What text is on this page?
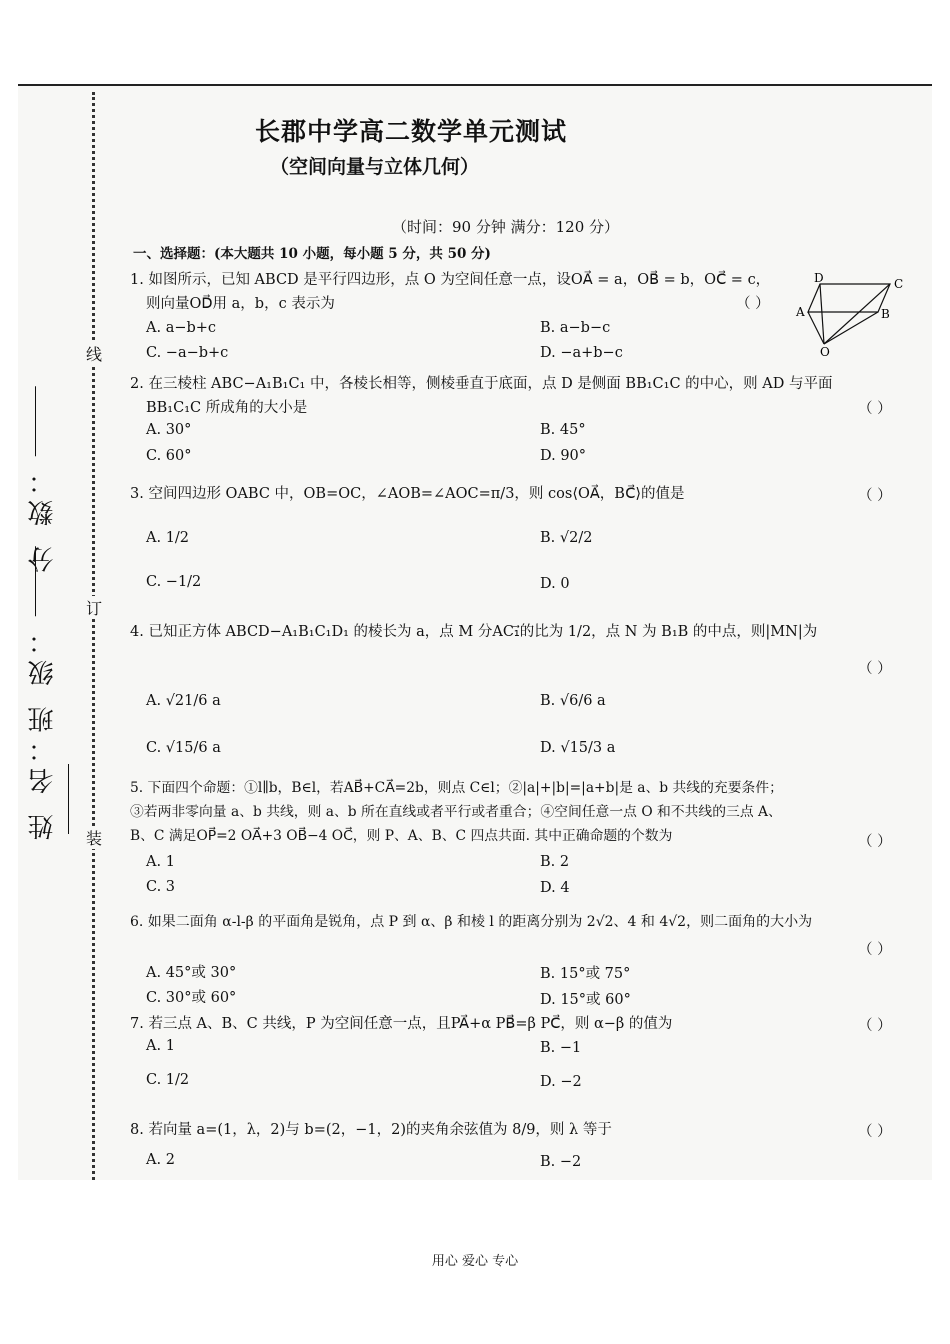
线
订
装
姓 名：
班 级：
分 数：
长郡中学高二数学单元测试
（空间向量与立体几何）
（时间：90 分钟 满分：120 分）
一、选择题：(本大题共 10 小题，每小题 5 分，共 50 分)
D	C
A	B
O
1. 如图所示，已知 ABCD 是平行四边形，点 O 为空间任意一点，设OA⃗ = a，OB⃗ = b，OC⃗ = c，
则向量OD⃗用 a，b，c 表示为	（ ）
A. a−b+c	B. a−b−c
C. −a−b+c	D. −a+b−c
2. 在三棱柱 ABC−A₁B₁C₁ 中，各棱长相等，侧棱垂直于底面，点 D 是侧面 BB₁C₁C 的中心，则 AD 与平面
BB₁C₁C 所成角的大小是	（ ）
A. 30°	B. 45°
C. 60°	D. 90°
3. 空间四边形 OABC 中，OB=OC，∠AOB=∠AOC=π/3，则 cos⟨OA⃗，BC⃗⟩的值是	（ ）
A. 1/2	B. √2/2
C. −1/2	D. 0
4. 已知正方体 ABCD−A₁B₁C₁D₁ 的棱长为 a，点 M 分AC₁⃗的比为 1/2，点 N 为 B₁B 的中点，则|MN|为
（ ）
A. √21/6 a	B. √6/6 a
C. √15/6 a	D. √15/3 a
5. 下面四个命题：①l∥b，B∈l，若AB⃗+CA⃗=2b，则点 C∈l；②|a|+|b|=|a+b|是 a、b 共线的充要条件；
③若两非零向量 a、b 共线，则 a、b 所在直线或者平行或者重合；④空间任意一点 O 和不共线的三点 A、
B、C 满足OP⃗=2 OA⃗+3 OB⃗−4 OC⃗，则 P、A、B、C 四点共面. 其中正确命题的个数为	（ ）
A. 1	B. 2
C. 3	D. 4
6. 如果二面角 α-l-β 的平面角是锐角，点 P 到 α、β 和棱 l 的距离分别为 2√2、4 和 4√2，则二面角的大小为
（ ）
A. 45°或 30°	B. 15°或 75°
C. 30°或 60°	D. 15°或 60°
7. 若三点 A、B、C 共线，P 为空间任意一点，且PA⃗+α PB⃗=β PC⃗，则 α−β 的值为	（ ）
A. 1	B. −1
C. 1/2	D. −2
8. 若向量 a=(1，λ，2)与 b=(2，−1，2)的夹角余弦值为 8/9，则 λ 等于	（ ）
A. 2	B. −2
用心 爱心 专心
